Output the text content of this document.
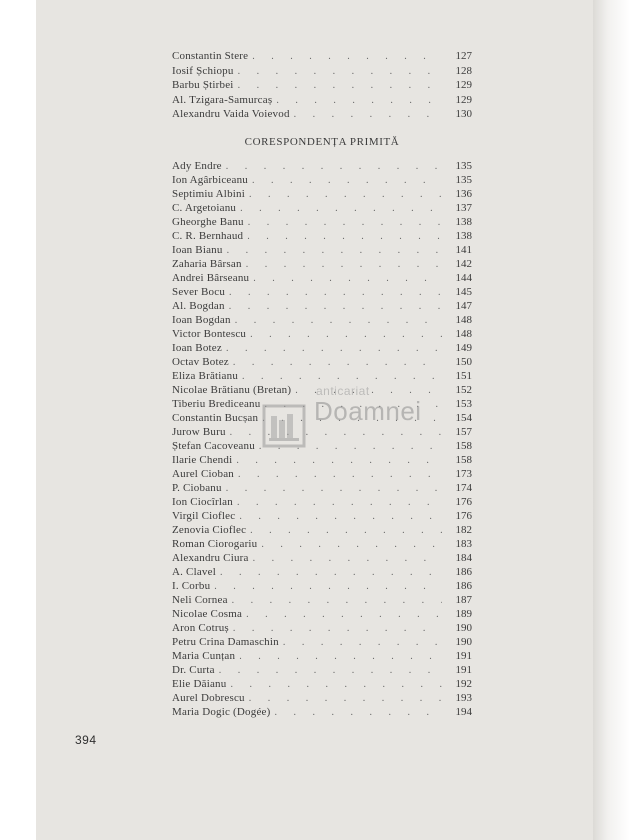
CORESPONDENȚA PRIMITĂ
Constantin Stere . . .	127
Iosif Șchiopu . . .	128
Barbu Știrbei . . .	129
Al. Tzigara-Samurcaș . . .	129
Alexandru Vaida Voievod . . .	130
Ady Endre . . .	135
Ion Agârbiceanu . . .	135
Septimiu Albini . . .	136
C. Argetoianu . . .	137
Gheorghe Banu . . .	138
C. R. Bernhaud . . .	138
Ioan Bianu . . .	141
Zaharia Bârsan . . .	142
Andrei Bârseanu . . .	144
Sever Bocu . . .	145
Al. Bogdan . . .	147
Ioan Bogdan . . .	148
Victor Bontescu . . .	148
Ioan Botez . . .	149
Octav Botez . . .	150
Eliza Brătianu . . .	151
Nicolae Brătianu (Bretan) . . .	152
Tiberiu Brediceanu . . .	153
Constantin Bucșan . . .	154
Jurow Buru . . .	157
Ștefan Cacoveanu . . .	158
Ilarie Chendi . . .	158
Aurel Cioban . . .	173
P. Ciobanu . . .	174
Ion Ciocîrlan . . .	176
Virgil Cioflec . . .	176
Zenovia Cioflec . . .	182
Roman Ciorogariu . . .	183
Alexandru Ciura . . .	184
A. Clavel . . .	186
I. Corbu . . .	186
Neli Cornea . . .	187
Nicolae Cosma . . .	189
Aron Cotruș . . .	190
Petru Crina Damaschin . . .	190
Maria Cunțan . . .	191
Dr. Curta . . .	191
Elie Dăianu . . .	192
Aurel Dobrescu . . .	193
Maria Dogic (Dogée) . . .	194
anticariat
Doamnei
394
